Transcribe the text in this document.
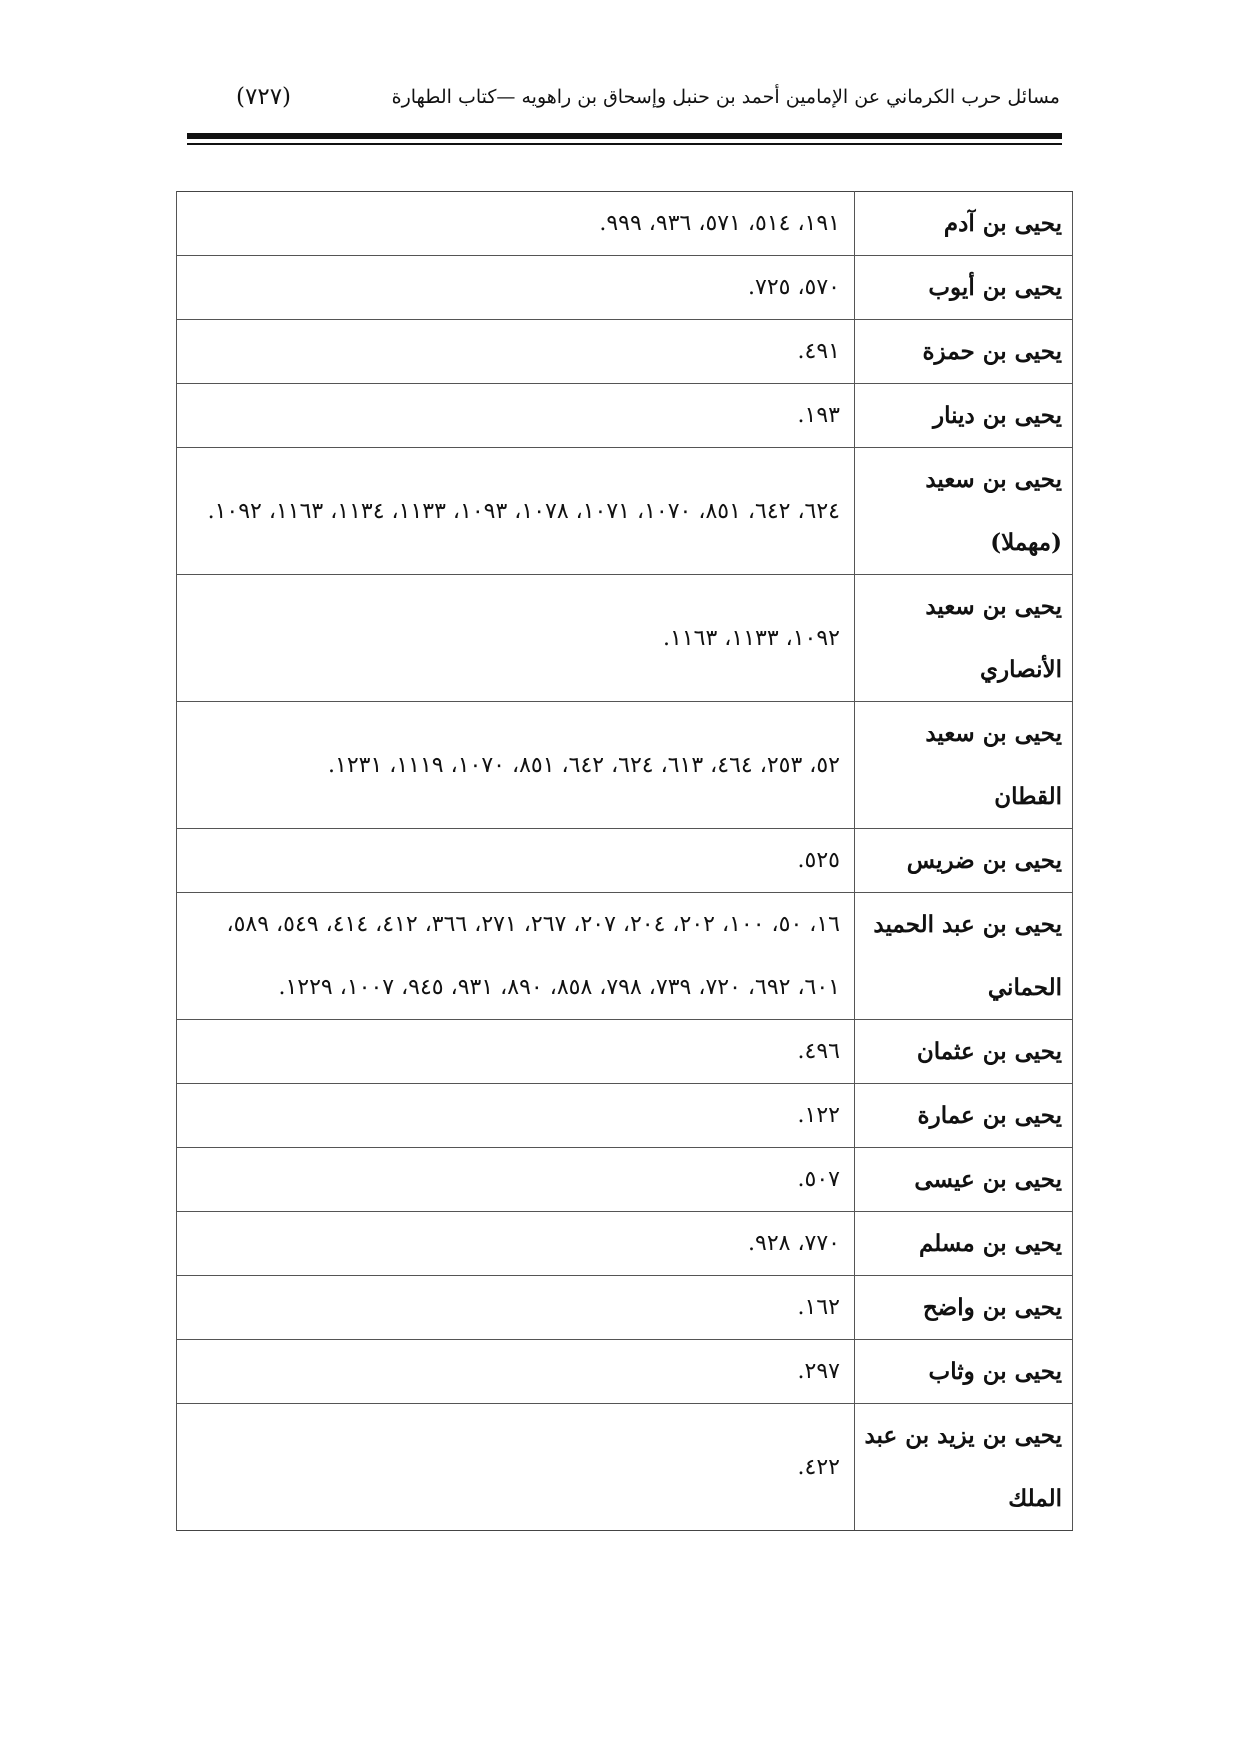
مسائل حرب الكرماني عن الإمامين أحمد بن حنبل وإسحاق بن راهويه —كتاب الطهارة
(٧٢٧)
يحيى بن آدم	١٩١، ٥١٤، ٥٧١، ٩٣٦، ٩٩٩.
يحيى بن أيوب	٥٧٠، ٧٢٥.
يحيى بن حمزة	٤٩١.
يحيى بن دينار	١٩٣.
يحيى بن سعيد (مهملا)	٦٢٤، ٦٤٢، ٨٥١، ١٠٧٠، ١٠٧١، ١٠٧٨، ١٠٩٣، ١١٣٣، ١١٣٤، ١١٦٣، ١٠٩٢.
يحيى بن سعيد الأنصاري	١٠٩٢، ١١٣٣، ١١٦٣.
يحيى بن سعيد القطان	٥٢، ٢٥٣، ٤٦٤، ٦١٣، ٦٢٤، ٦٤٢، ٨٥١، ١٠٧٠، ١١١٩، ١٢٣١.
يحيى بن ضريس	٥٢٥.
يحيى بن عبد الحميد الحماني	١٦، ٥٠، ١٠٠، ٢٠٢، ٢٠٤، ٢٠٧، ٢٦٧، ٢٧١، ٣٦٦، ٤١٢، ٤١٤، ٥٤٩، ٥٨٩، ٦٠١، ٦٩٢، ٧٢٠، ٧٣٩، ٧٩٨، ٨٥٨، ٨٩٠، ٩٣١، ٩٤٥، ١٠٠٧، ١٢٢٩.
يحيى بن عثمان	٤٩٦.
يحيى بن عمارة	١٢٢.
يحيى بن عيسى	٥٠٧.
يحيى بن مسلم	٧٧٠، ٩٢٨.
يحيى بن واضح	١٦٢.
يحيى بن وثاب	٢٩٧.
يحيى بن يزيد بن عبد الملك	٤٢٢.
